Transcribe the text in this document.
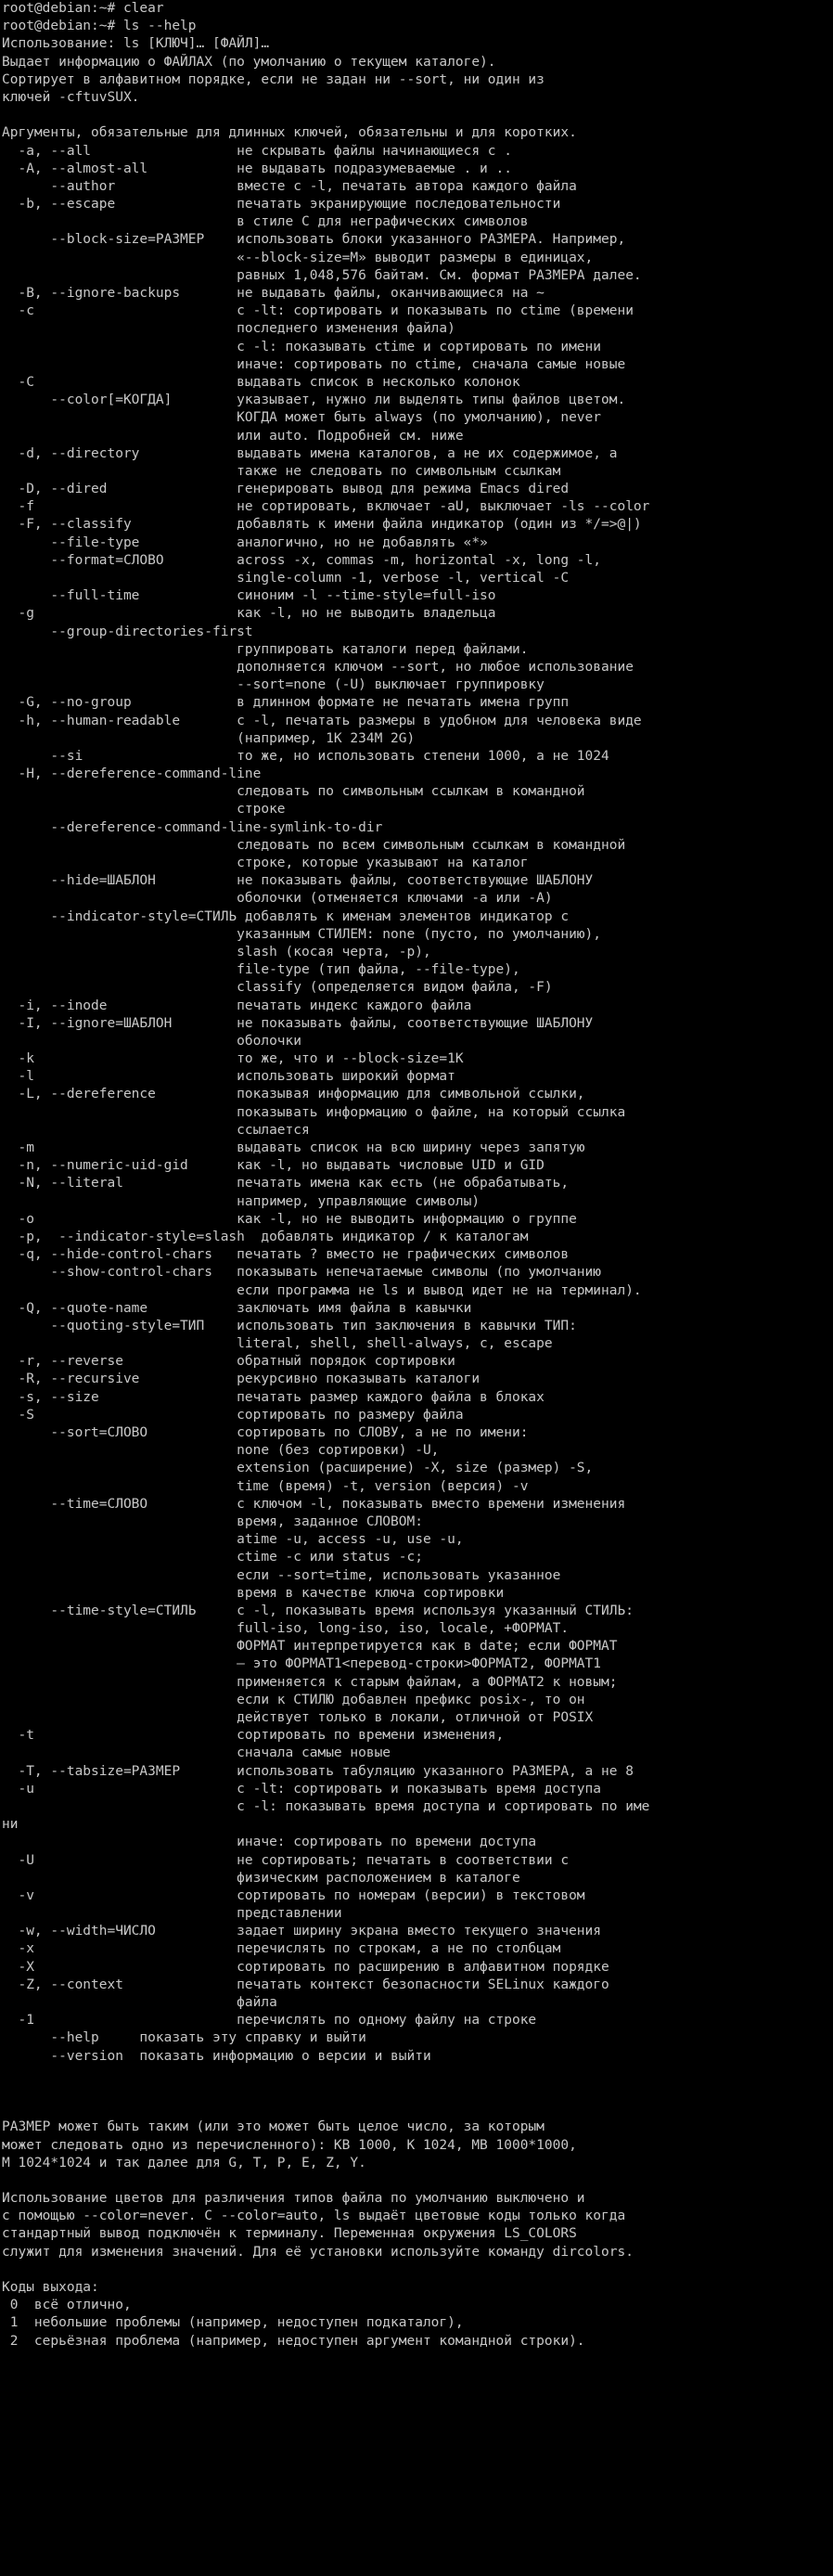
root@debian:~# clear
root@debian:~# ls --help
Использование: ls [КЛЮЧ]… [ФАЙЛ]…
Выдает информацию о ФАЙЛАХ (по умолчанию о текущем каталоге).
Сортирует в алфавитном порядке, если не задан ни --sort, ни один из
ключей -cftuvSUX.
Аргументы, обязательные для длинных ключей, обязательны и для коротких.
-a, --all                  не скрывать файлы начинающиеся с .
-A, --almost-all           не выдавать подразумеваемые . и ..
--author               вместе с -l, печатать автора каждого файла
-b, --escape               печатать экранирующие последовательности
в стиле C для неграфических символов
--block-size=РАЗМЕР    использовать блоки указанного РАЗМЕРА. Например,
«--block-size=M» выводит размеры в единицах,
равных 1,048,576 байтам. См. формат РАЗМЕРА далее.
-B, --ignore-backups       не выдавать файлы, оканчивающиеся на ~
-c                         с -lt: сортировать и показывать по ctime (времени
последнего изменения файла)
с -l: показывать ctime и сортировать по имени
иначе: сортировать по ctime, сначала самые новые
-C                         выдавать список в несколько колонок
--color[=КОГДА]        указывает, нужно ли выделять типы файлов цветом.
КОГДА может быть always (по умолчанию), never
или auto. Подробней см. ниже
-d, --directory            выдавать имена каталогов, а не их содержимое, а
также не следовать по символьным ссылкам
-D, --dired                генерировать вывод для режима Emacs dired
-f                         не сортировать, включает -aU, выключает -ls --color
-F, --classify             добавлять к имени файла индикатор (один из */=>@|)
--file-type            аналогично, но не добавлять «*»
--format=СЛОВО         across -x, commas -m, horizontal -x, long -l,
single-column -1, verbose -l, vertical -C
--full-time            синоним -l --time-style=full-iso
-g                         как -l, но не выводить владельца
--group-directories-first
группировать каталоги перед файлами.
дополняется ключом --sort, но любое использование
--sort=none (-U) выключает группировку
-G, --no-group             в длинном формате не печатать имена групп
-h, --human-readable       с -l, печатать размеры в удобном для человека виде
(например, 1K 234M 2G)
--si                   то же, но использовать степени 1000, а не 1024
-H, --dereference-command-line
следовать по символьным ссылкам в командной
строке
--dereference-command-line-symlink-to-dir
следовать по всем символьным ссылкам в командной
строке, которые указывают на каталог
--hide=ШАБЛОН          не показывать файлы, соответствующие ШАБЛОНУ
оболочки (отменяется ключами -a или -A)
--indicator-style=СТИЛЬ добавлять к именам элементов индикатор с
указанным СТИЛЕМ: none (пусто, по умолчанию),
slash (косая черта, -p),
file-type (тип файла, --file-type),
classify (определяется видом файла, -F)
-i, --inode                печатать индекс каждого файла
-I, --ignore=ШАБЛОН        не показывать файлы, соответствующие ШАБЛОНУ
оболочки
-k                         то же, что и --block-size=1K
-l                         использовать широкий формат
-L, --dereference          показывая информацию для символьной ссылки,
показывать информацию о файле, на который ссылка
ссылается
-m                         выдавать список на всю ширину через запятую
-n, --numeric-uid-gid      как -l, но выдавать числовые UID и GID
-N, --literal              печатать имена как есть (не обрабатывать,
например, управляющие символы)
-o                         как -l, но не выводить информацию о группе
-p,  --indicator-style=slash  добавлять индикатор / к каталогам
-q, --hide-control-chars   печатать ? вместо не графических символов
--show-control-chars   показывать непечатаемые символы (по умолчанию
если программа не ls и вывод идет не на терминал).
-Q, --quote-name           заключать имя файла в кавычки
--quoting-style=ТИП    использовать тип заключения в кавычки ТИП:
literal, shell, shell-always, c, escape
-r, --reverse              обратный порядок сортировки
-R, --recursive            рекурсивно показывать каталоги
-s, --size                 печатать размер каждого файла в блоках
-S                         сортировать по размеру файла
--sort=СЛОВО           сортировать по СЛОВУ, а не по имени:
none (без сортировки) -U,
extension (расширение) -X, size (размер) -S,
time (время) -t, version (версия) -v
--time=СЛОВО           с ключом -l, показывать вместо времени изменения
время, заданное СЛОВОМ:
atime -u, access -u, use -u,
ctime -c или status -c;
если --sort=time, использовать указанное
время в качестве ключа сортировки
--time-style=СТИЛЬ     с -l, показывать время используя указанный СТИЛЬ:
full-iso, long-iso, iso, locale, +ФОРМАТ.
ФОРМАТ интерпретируется как в date; если ФОРМАТ
— это ФОРМАТ1<перевод-строки>ФОРМАТ2, ФОРМАТ1
применяется к старым файлам, а ФОРМАТ2 к новым;
если к СТИЛЮ добавлен префикс posix-, то он
действует только в локали, отличной от POSIX
-t                         сортировать по времени изменения,
сначала самые новые
-T, --tabsize=РАЗМЕР       использовать табуляцию указанного РАЗМЕРА, а не 8
-u                         с -lt: сортировать и показывать время доступа
с -l: показывать время доступа и сортировать по име
ни
иначе: сортировать по времени доступа
-U                         не сортировать; печатать в соответствии с
физическим расположением в каталоге
-v                         сортировать по номерам (версии) в текстовом
представлении
-w, --width=ЧИСЛО          задает ширину экрана вместо текущего значения
-x                         перечислять по строкам, а не по столбцам
-X                         сортировать по расширению в алфавитном порядке
-Z, --context              печатать контекст безопасности SELinux каждого
файла
-1                         перечислять по одному файлу на строке
--help     показать эту справку и выйти
--version  показать информацию о версии и выйти
РАЗМЕР может быть таким (или это может быть целое число, за которым
может следовать одно из перечисленного): KB 1000, K 1024, MB 1000*1000,
M 1024*1024 и так далее для G, T, P, E, Z, Y.
Использование цветов для различения типов файла по умолчанию выключено и
с помощью --color=never. С --color=auto, ls выдаёт цветовые коды только когда
стандартный вывод подключён к терминалу. Переменная окружения LS_COLORS
служит для изменения значений. Для её установки используйте команду dircolors.
Коды выхода:
0  всё отлично,
1  небольшие проблемы (например, недоступен подкаталог),
2  серьёзная проблема (например, недоступен аргумент командной строки).
